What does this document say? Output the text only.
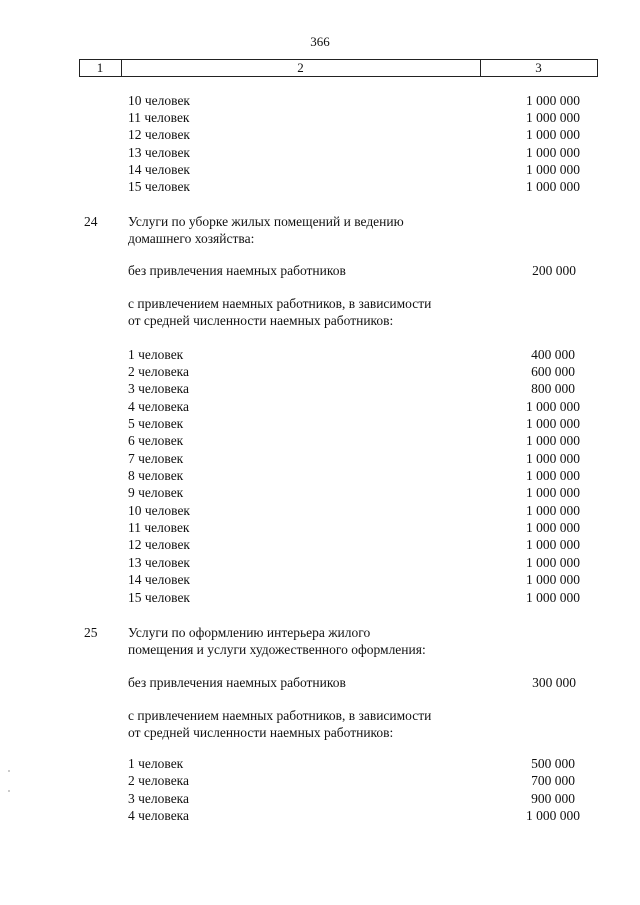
366
1	2	3
10 человек	1 000 000
11 человек	1 000 000
12 человек	1 000 000
13 человек	1 000 000
14 человек	1 000 000
15 человек	1 000 000
24 Услуги по уборке жилых помещений и ведению
домашнего хозяйства:
без привлечения наемных работников	200 000
с привлечением наемных работников, в зависимости
от средней численности наемных работников:
1 человек	400 000
2 человека	600 000
3 человека	800 000
4 человека	1 000 000
5 человек	1 000 000
6 человек	1 000 000
7 человек	1 000 000
8 человек	1 000 000
9 человек	1 000 000
10 человек	1 000 000
11 человек	1 000 000
12 человек	1 000 000
13 человек	1 000 000
14 человек	1 000 000
15 человек	1 000 000
25 Услуги по оформлению интерьера жилого
помещения и услуги художественного оформления:
без привлечения наемных работников	300 000
с привлечением наемных работников, в зависимости
от средней численности наемных работников:
1 человек	500 000
2 человека	700 000
3 человека	900 000
4 человека	1 000 000
